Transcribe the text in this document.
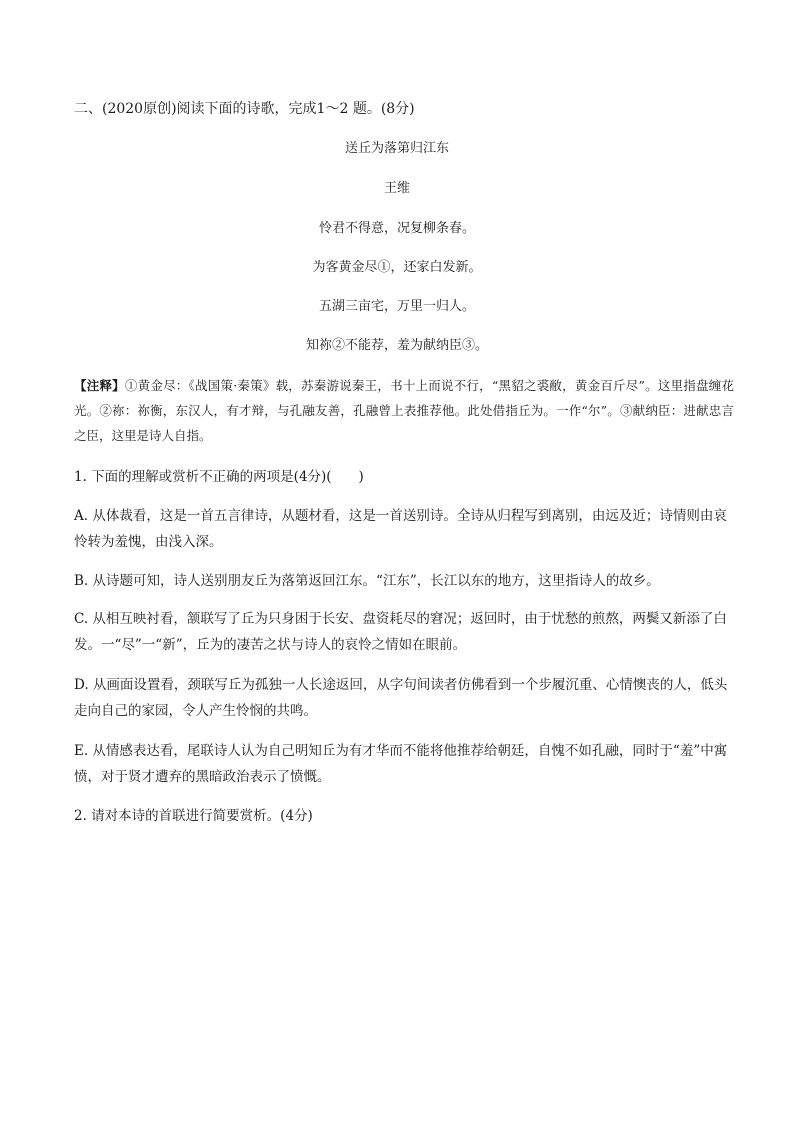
二、(2020原创)阅读下面的诗歌，完成1～2 题。(8分)
送丘为落第归江东
王维
怜君不得意，况复柳条春。
为客黄金尽①，还家白发新。
五湖三亩宅，万里一归人。
知祢②不能荐，羞为献纳臣③。
【注释】①黄金尽：《战国策·秦策》载，苏秦游说秦王，书十上而说不行，“黑貂之裘敝，黄金百斤尽”。这里指盘缠花光。②祢：祢衡，东汉人，有才辩，与孔融友善，孔融曾上表推荐他。此处借指丘为。一作“尔”。③献纳臣：进献忠言之臣，这里是诗人自指。
1. 下面的理解或赏析不正确的两项是(4分)(　　)
A. 从体裁看，这是一首五言律诗，从题材看，这是一首送别诗。全诗从归程写到离别，由远及近；诗情则由哀怜转为羞愧，由浅入深。
B. 从诗题可知，诗人送别朋友丘为落第返回江东。“江东”，长江以东的地方，这里指诗人的故乡。
C. 从相互映衬看，颔联写了丘为只身困于长安、盘资耗尽的窘况；返回时，由于忧愁的煎熬，两鬓又新添了白发。一“尽”一“新”，丘为的凄苦之状与诗人的哀怜之情如在眼前。
D. 从画面设置看，颈联写丘为孤独一人长途返回，从字句间读者仿佛看到一个步履沉重、心情懊丧的人，低头走向自己的家园，令人产生怜悯的共鸣。
E. 从情感表达看，尾联诗人认为自己明知丘为有才华而不能将他推荐给朝廷，自愧不如孔融，同时于“羞”中寓愤，对于贤才遭弃的黑暗政治表示了愤慨。
2. 请对本诗的首联进行简要赏析。(4分)
